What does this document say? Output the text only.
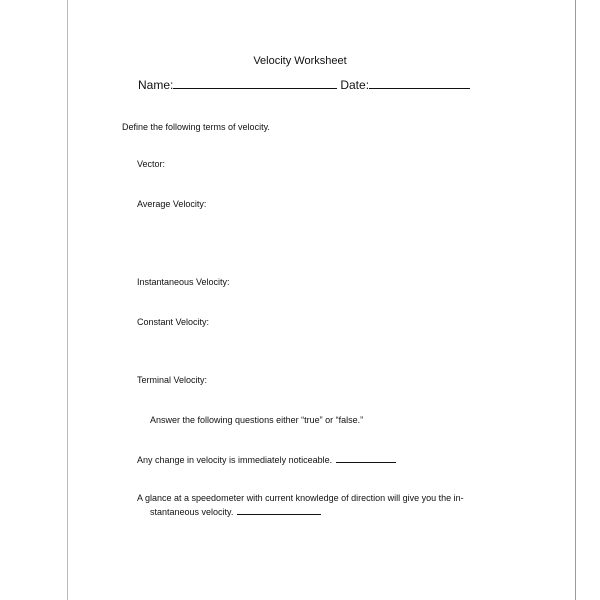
Velocity Worksheet
Name:	Date:
Define the following terms of velocity.
Vector:
Average Velocity:
Instantaneous Velocity:
Constant Velocity:
Terminal Velocity:
Answer the following questions either “true” or “false.”
Any change in velocity is immediately noticeable.
A glance at a speedometer with current knowledge of direction will give you the in-
stantaneous velocity.
